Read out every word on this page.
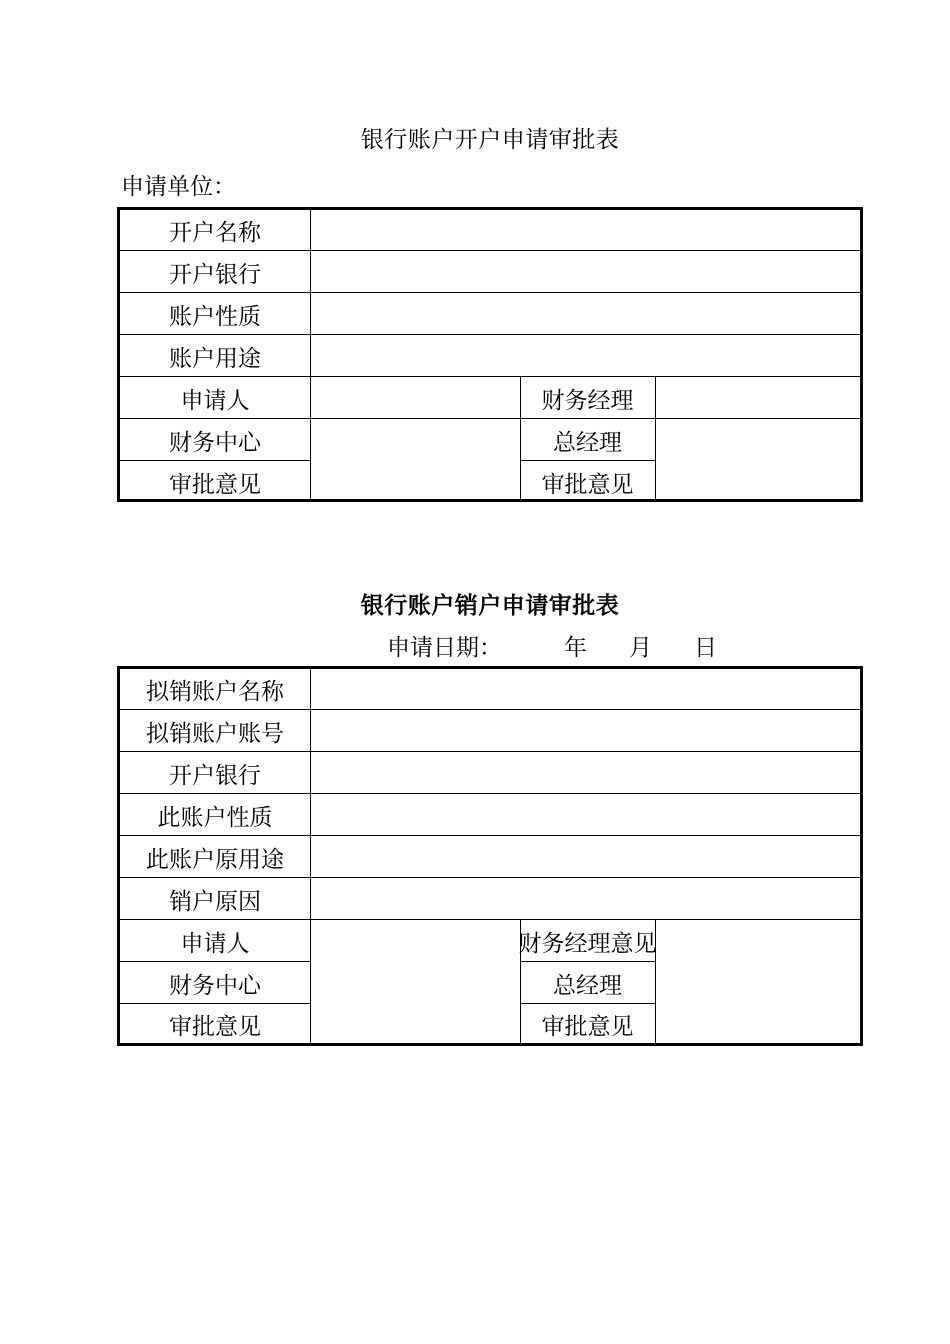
银行账户开户申请审批表
申请单位：
开户名称
开户银行
账户性质
账户用途
申请人	财务经理
财务中心	总经理
审批意见	审批意见
银行账户销户申请审批表
申请日期：	年 月 日
拟销账户名称
拟销账户账号
开户银行
此账户性质
此账户原用途
销户原因
申请人	财务经理意见
财务中心	总经理
审批意见	审批意见
